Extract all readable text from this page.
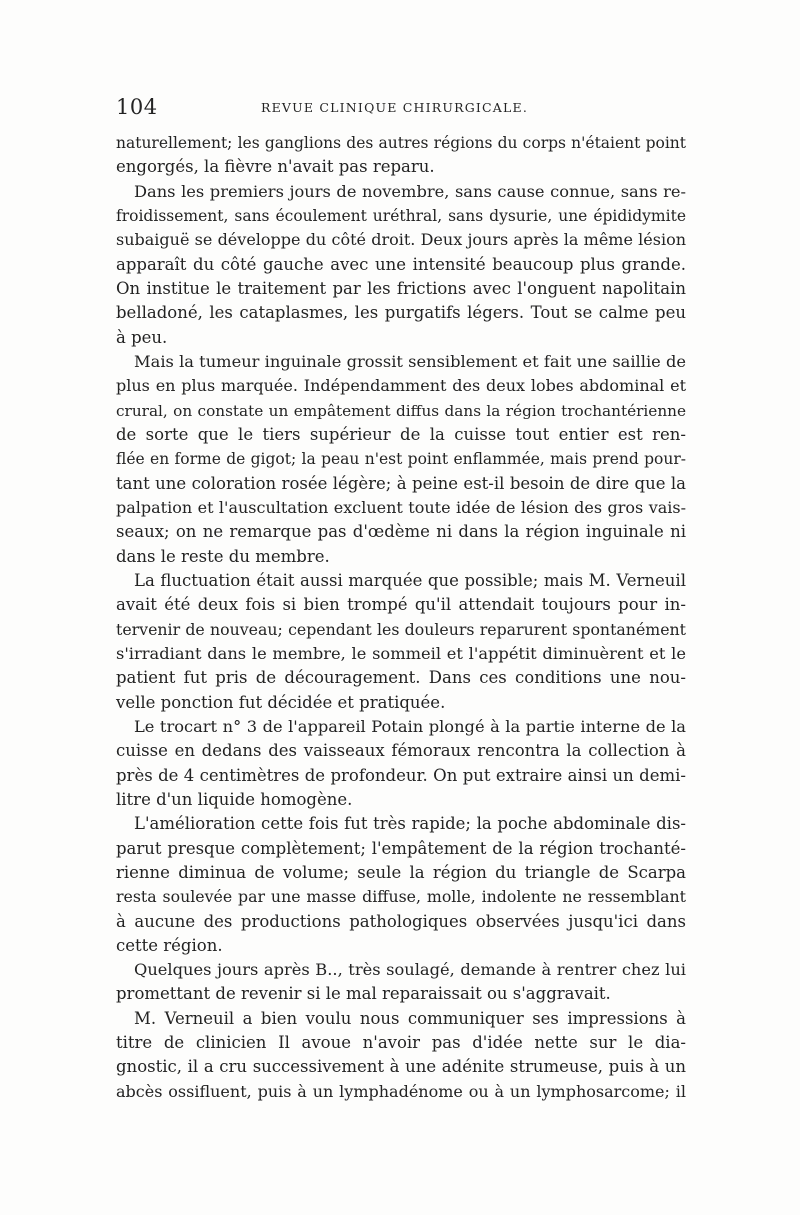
104	REVUE CLINIQUE CHIRURGICALE.
naturellement; les ganglions des autres régions du corps n'étaient point
engorgés, la fièvre n'avait pas reparu.
Dans les premiers jours de novembre, sans cause connue, sans re-
froidissement, sans écoulement uréthral, sans dysurie, une épididymite
subaiguë se développe du côté droit. Deux jours après la même lésion
apparaît du côté gauche avec une intensité beaucoup plus grande.
On institue le traitement par les frictions avec l'onguent napolitain
belladoné, les cataplasmes, les purgatifs légers. Tout se calme peu
à peu.
Mais la tumeur inguinale grossit sensiblement et fait une saillie de
plus en plus marquée. Indépendamment des deux lobes abdominal et
crural, on constate un empâtement diffus dans la région trochantérienne
de sorte que le tiers supérieur de la cuisse tout entier est ren-
flée en forme de gigot; la peau n'est point enflammée, mais prend pour-
tant une coloration rosée légère; à peine est-il besoin de dire que la
palpation et l'auscultation excluent toute idée de lésion des gros vais-
seaux; on ne remarque pas d'œdème ni dans la région inguinale ni
dans le reste du membre.
La fluctuation était aussi marquée que possible; mais M. Verneuil
avait été deux fois si bien trompé qu'il attendait toujours pour in-
tervenir de nouveau; cependant les douleurs reparurent spontanément
s'irradiant dans le membre, le sommeil et l'appétit diminuèrent et le
patient fut pris de découragement. Dans ces conditions une nou-
velle ponction fut décidée et pratiquée.
Le trocart n° 3 de l'appareil Potain plongé à la partie interne de la
cuisse en dedans des vaisseaux fémoraux rencontra la collection à
près de 4 centimètres de profondeur. On put extraire ainsi un demi-
litre d'un liquide homogène.
L'amélioration cette fois fut très rapide; la poche abdominale dis-
parut presque complètement; l'empâtement de la région trochanté-
rienne diminua de volume; seule la région du triangle de Scarpa
resta soulevée par une masse diffuse, molle, indolente ne ressemblant
à aucune des productions pathologiques observées jusqu'ici dans
cette région.
Quelques jours après B.., très soulagé, demande à rentrer chez lui
promettant de revenir si le mal reparaissait ou s'aggravait.
M. Verneuil a bien voulu nous communiquer ses impressions à
titre de clinicien Il avoue n'avoir pas d'idée nette sur le dia-
gnostic, il a cru successivement à une adénite strumeuse, puis à un
abcès ossifluent, puis à un lymphadénome ou à un lymphosarcome; il
